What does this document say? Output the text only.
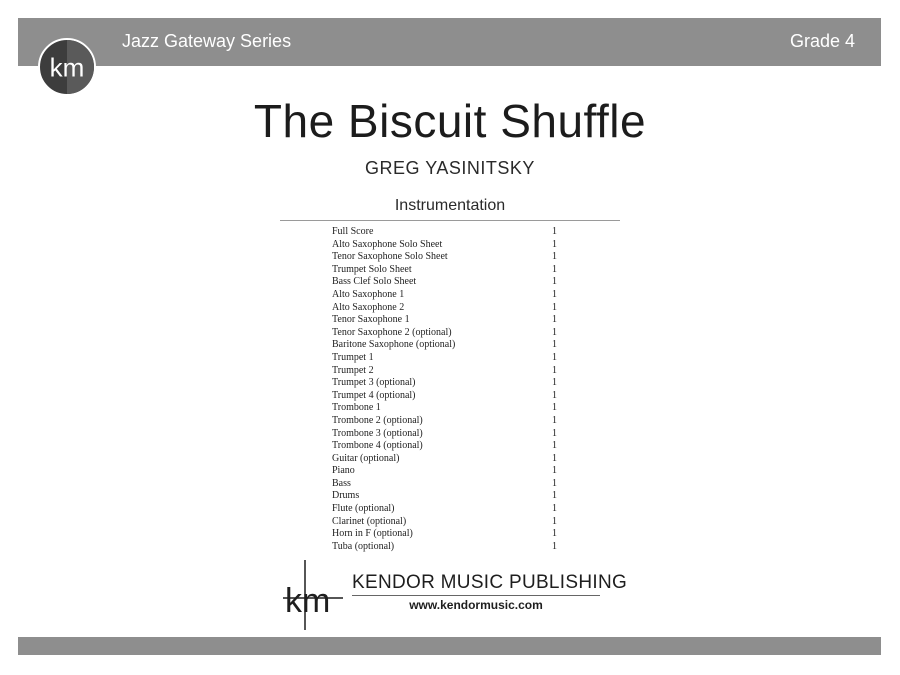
Jazz Gateway Series	Grade 4
km
The Biscuit Shuffle
GREG YASINITSKY
Instrumentation
Full Score	1
Alto Saxophone Solo Sheet	1
Tenor Saxophone Solo Sheet	1
Trumpet Solo Sheet	1
Bass Clef Solo Sheet	1
Alto Saxophone 1	1
Alto Saxophone 2	1
Tenor Saxophone 1	1
Tenor Saxophone 2 (optional)	1
Baritone Saxophone (optional)	1
Trumpet 1	1
Trumpet 2	1
Trumpet 3 (optional)	1
Trumpet 4 (optional)	1
Trombone 1	1
Trombone 2 (optional)	1
Trombone 3 (optional)	1
Trombone 4 (optional)	1
Guitar (optional)	1
Piano	1
Bass	1
Drums	1
Flute (optional)	1
Clarinet (optional)	1
Horn in F (optional)	1
Tuba (optional)	1
km KENDOR MUSIC PUBLISHING
www.kendormusic.com
